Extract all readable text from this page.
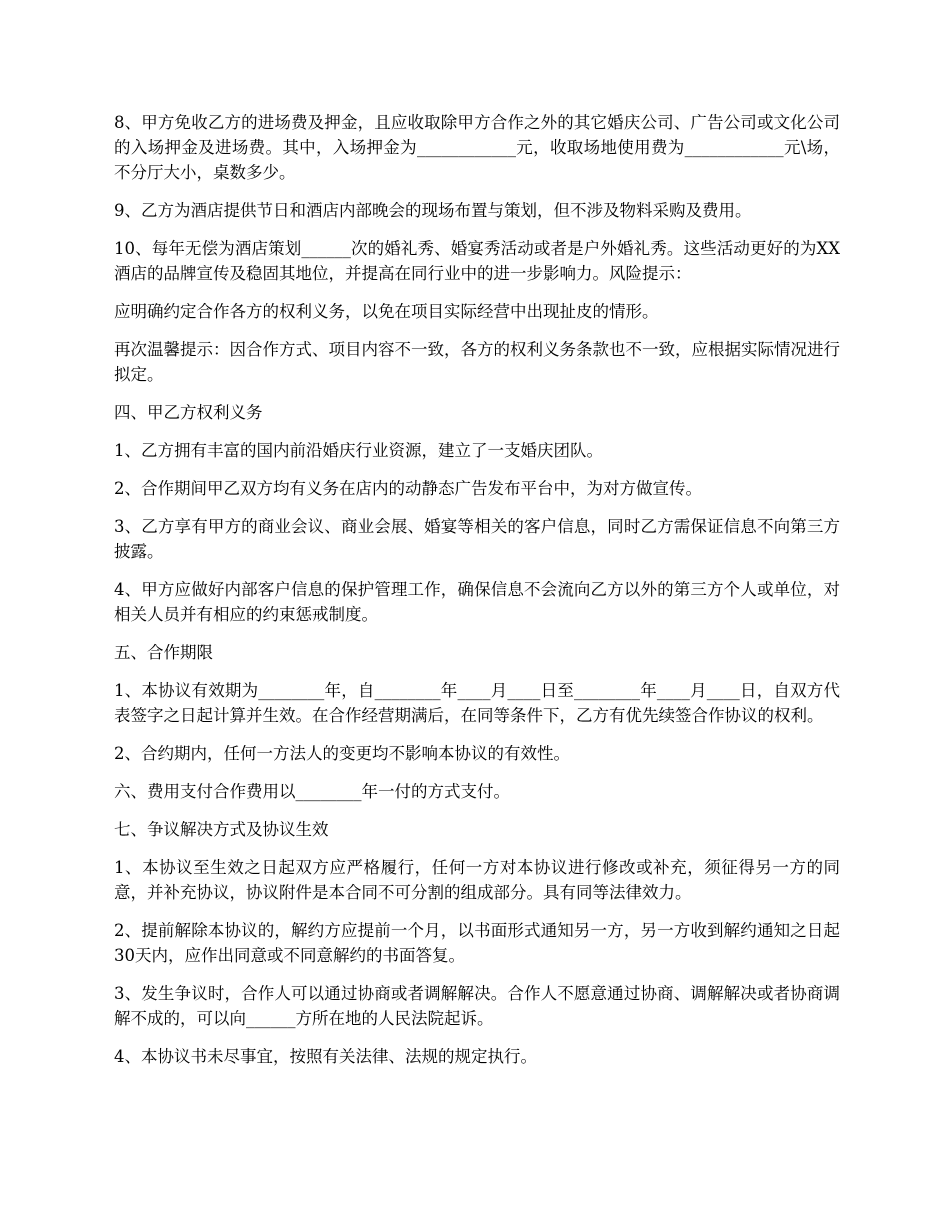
8、甲方免收乙方的进场费及押金，且应收取除甲方合作之外的其它婚庆公司、广告公司或文化公司的入场押金及进场费。其中，入场押金为____________元，收取场地使用费为____________元\场，不分厅大小，桌数多少。

9、乙方为酒店提供节日和酒店内部晚会的现场布置与策划，但不涉及物料采购及费用。

10、每年无偿为酒店策划______次的婚礼秀、婚宴秀活动或者是户外婚礼秀。这些活动更好的为XX酒店的品牌宣传及稳固其地位，并提高在同行业中的进一步影响力。风险提示：

应明确约定合作各方的权利义务，以免在项目实际经营中出现扯皮的情形。

再次温馨提示：因合作方式、项目内容不一致，各方的权利义务条款也不一致，应根据实际情况进行拟定。

四、甲乙方权利义务

1、乙方拥有丰富的国内前沿婚庆行业资源，建立了一支婚庆团队。

2、合作期间甲乙双方均有义务在店内的动静态广告发布平台中，为对方做宣传。

3、乙方享有甲方的商业会议、商业会展、婚宴等相关的客户信息，同时乙方需保证信息不向第三方披露。

4、甲方应做好内部客户信息的保护管理工作，确保信息不会流向乙方以外的第三方个人或单位，对相关人员并有相应的约束惩戒制度。

五、合作期限

1、本协议有效期为________年，自________年____月____日至________年____月____日，自双方代表签字之日起计算并生效。在合作经营期满后，在同等条件下，乙方有优先续签合作协议的权利。

2、合约期内，任何一方法人的变更均不影响本协议的有效性。

六、费用支付合作费用以________年一付的方式支付。

七、争议解决方式及协议生效

1、本协议至生效之日起双方应严格履行，任何一方对本协议进行修改或补充，须征得另一方的同意，并补充协议，协议附件是本合同不可分割的组成部分。具有同等法律效力。

2、提前解除本协议的，解约方应提前一个月，以书面形式通知另一方，另一方收到解约通知之日起30天内，应作出同意或不同意解约的书面答复。

3、发生争议时，合作人可以通过协商或者调解解决。合作人不愿意通过协商、调解解决或者协商调解不成的，可以向______方所在地的人民法院起诉。

4、本协议书未尽事宜，按照有关法律、法规的规定执行。
